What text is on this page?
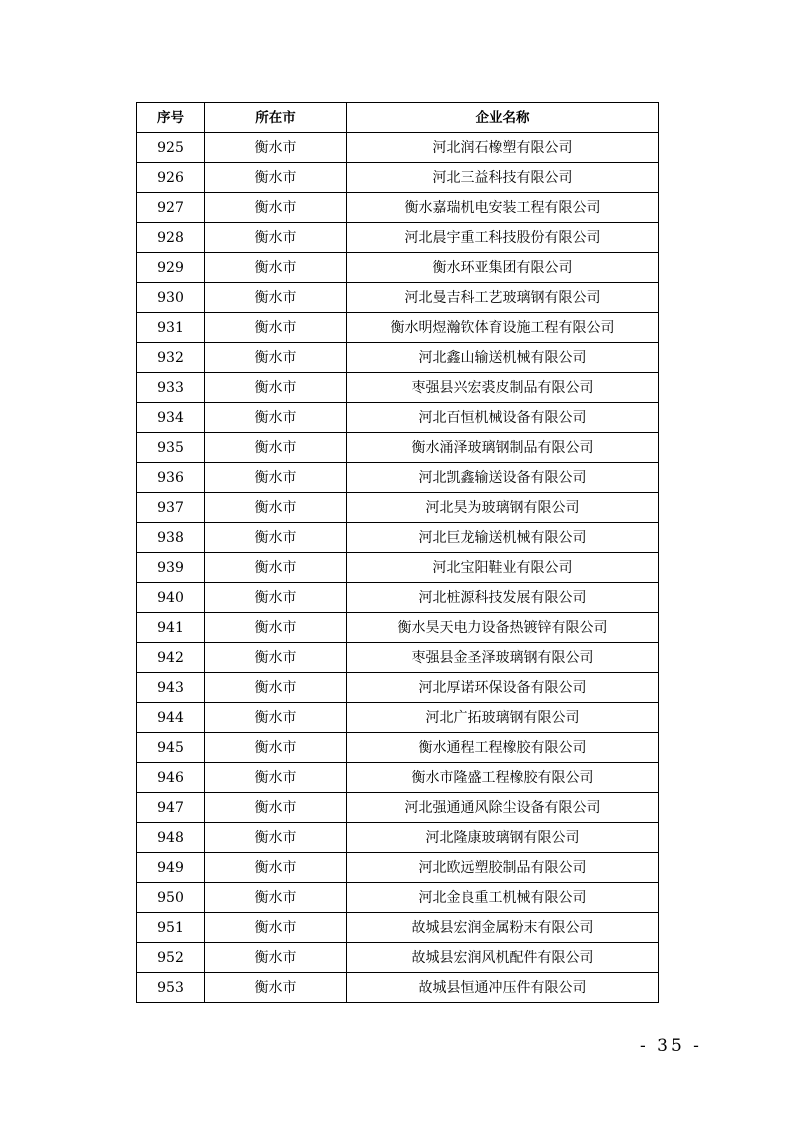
序号	所在市	企业名称
925	衡水市	河北润石橡塑有限公司
926	衡水市	河北三益科技有限公司
927	衡水市	衡水嘉瑞机电安装工程有限公司
928	衡水市	河北晨宇重工科技股份有限公司
929	衡水市	衡水环亚集团有限公司
930	衡水市	河北曼吉科工艺玻璃钢有限公司
931	衡水市	衡水明煜瀚钦体育设施工程有限公司
932	衡水市	河北鑫山输送机械有限公司
933	衡水市	枣强县兴宏裘皮制品有限公司
934	衡水市	河北百恒机械设备有限公司
935	衡水市	衡水涌泽玻璃钢制品有限公司
936	衡水市	河北凯鑫输送设备有限公司
937	衡水市	河北昊为玻璃钢有限公司
938	衡水市	河北巨龙输送机械有限公司
939	衡水市	河北宝阳鞋业有限公司
940	衡水市	河北桩源科技发展有限公司
941	衡水市	衡水昊天电力设备热镀锌有限公司
942	衡水市	枣强县金圣泽玻璃钢有限公司
943	衡水市	河北厚诺环保设备有限公司
944	衡水市	河北广拓玻璃钢有限公司
945	衡水市	衡水通程工程橡胶有限公司
946	衡水市	衡水市隆盛工程橡胶有限公司
947	衡水市	河北强通通风除尘设备有限公司
948	衡水市	河北隆康玻璃钢有限公司
949	衡水市	河北欧远塑胶制品有限公司
950	衡水市	河北金良重工机械有限公司
951	衡水市	故城县宏润金属粉末有限公司
952	衡水市	故城县宏润风机配件有限公司
953	衡水市	故城县恒通冲压件有限公司
- 35 -
